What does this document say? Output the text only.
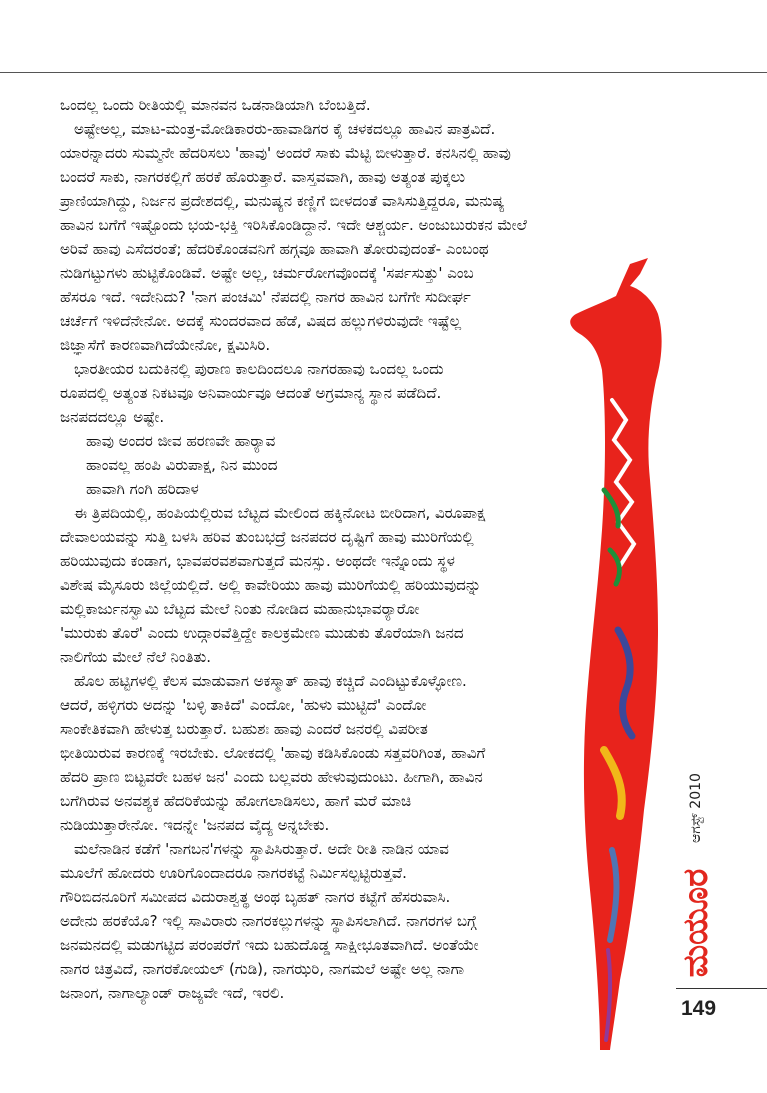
ಒಂದಲ್ಲ ಒಂದು ರೀತಿಯಲ್ಲಿ ಮಾನವನ ಒಡನಾಡಿಯಾಗಿ ಬೆಂಬತ್ತಿದೆ.

ಅಷ್ಟೇಅಲ್ಲ, ಮಾಟ-ಮಂತ್ರ-ಮೋಡಿಕಾರರು-ಹಾವಾಡಿಗರ ಕೈ ಚಳಕದಲ್ಲೂ ಹಾವಿನ ಪಾತ್ರವಿದೆ.

ಯಾರನ್ನಾದರು ಸುಮ್ಮನೇ ಹೆದರಿಸಲು 'ಹಾವು' ಅಂದರೆ ಸಾಕು ಮೆಟ್ಟಿ ಬೀಳುತ್ತಾರೆ. ಕನಸಿನಲ್ಲಿ ಹಾವು

ಬಂದರೆ ಸಾಕು, ನಾಗರಕಲ್ಲಿಗೆ ಹರಕೆ ಹೊರುತ್ತಾರೆ. ವಾಸ್ತವವಾಗಿ, ಹಾವು ಅತ್ಯಂತ ಪುಕ್ಕಲು

ಪ್ರಾಣಿಯಾಗಿದ್ದು, ನಿರ್ಜನ ಪ್ರದೇಶದಲ್ಲಿ, ಮನುಷ್ಯನ ಕಣ್ಣಿಗೆ ಬೀಳದಂತೆ ವಾಸಿಸುತ್ತಿದ್ದರೂ, ಮನುಷ್ಯ

ಹಾವಿನ ಬಗೆಗೆ ಇಷ್ಟೊಂದು ಭಯ-ಭಕ್ತಿ ಇರಿಸಿಕೊಂಡಿದ್ದಾನೆ. ಇದೇ ಆಶ್ಚರ್ಯ. ಅಂಜುಬುರುಕನ ಮೇಲೆ

ಅರಿವೆ ಹಾವು ಎಸೆದರಂತೆ; ಹೆದರಿಕೊಂಡವನಿಗೆ ಹಗ್ಗವೂ ಹಾವಾಗಿ ತೋರುವುದಂತೆ- ಎಂಬಂಥ

ನುಡಿಗಟ್ಟುಗಳು ಹುಟ್ಟಿಕೊಂಡಿವೆ. ಅಷ್ಟೇ ಅಲ್ಲ, ಚರ್ಮರೋಗವೊಂದಕ್ಕೆ 'ಸರ್ಪಸುತ್ತು' ಎಂಬ

ಹೆಸರೂ ಇದೆ. ಇದೇನಿದು? 'ನಾಗ ಪಂಚಮಿ' ನೆಪದಲ್ಲಿ ನಾಗರ ಹಾವಿನ ಬಗೆಗೇ ಸುದೀರ್ಘ

ಚರ್ಚೆಗೆ ಇಳಿದೆನೇನೋ. ಅದಕ್ಕೆ ಸುಂದರವಾದ ಹೆಡೆ, ವಿಷದ ಹಲ್ಲುಗಳಿರುವುದೇ ಇಷ್ಟೆಲ್ಲ

ಜಿಜ್ಞಾಸೆಗೆ ಕಾರಣವಾಗಿದೆಯೇನೋ, ಕ್ಷಮಿಸಿರಿ.

ಭಾರತೀಯರ ಬದುಕಿನಲ್ಲಿ ಪುರಾಣ ಕಾಲದಿಂದಲೂ ನಾಗರಹಾವು ಒಂದಲ್ಲ ಒಂದು

ರೂಪದಲ್ಲಿ ಅತ್ಯಂತ ನಿಕಟವೂ ಅನಿವಾರ್ಯವೂ ಆದಂತೆ ಅಗ್ರಮಾನ್ಯ ಸ್ಥಾನ ಪಡೆದಿದೆ.

ಜನಪದದಲ್ಲೂ ಅಷ್ಟೇ.

ಹಾವು ಅಂದರ ಜೀವ ಹರಣವೇ ಹಾರ್‍ಯಾವ

ಹಾಂವಲ್ಲ ಹಂಪಿ ವಿರುಪಾಕ್ಷ, ನಿನ ಮುಂದ

ಹಾವಾಗಿ ಗಂಗಿ ಹರಿದಾಳ

ಈ ತ್ರಿಪದಿಯಲ್ಲಿ, ಹಂಪಿಯಲ್ಲಿರುವ ಬೆಟ್ಟದ ಮೇಲಿಂದ ಹಕ್ಕಿನೋಟ ಬೀರಿದಾಗ, ವಿರೂಪಾಕ್ಷ

ದೇವಾಲಯವನ್ನು ಸುತ್ತಿ ಬಳಸಿ ಹರಿವ ತುಂಬಭದ್ರೆ ಜನಪದರ ದೃಷ್ಟಿಗೆ ಹಾವು ಮುರಿಗೆಯಲ್ಲಿ

ಹರಿಯುವುದು ಕಂಡಾಗ, ಭಾವಪರವಶವಾಗುತ್ತದೆ ಮನಸ್ಸು. ಅಂಥದೇ ಇನ್ನೊಂದು ಸ್ಥಳ

ವಿಶೇಷ ಮೈಸೂರು ಜಿಲ್ಲೆಯಲ್ಲಿದೆ. ಅಲ್ಲಿ ಕಾವೇರಿಯು ಹಾವು ಮುರಿಗೆಯಲ್ಲಿ ಹರಿಯುವುದನ್ನು

ಮಲ್ಲಿಕಾರ್ಜುನಸ್ವಾಮಿ ಬೆಟ್ಟದ ಮೇಲೆ ನಿಂತು ನೋಡಿದ ಮಹಾನುಭಾವರ್‍ಯಾರೋ

'ಮುರುಕು ತೊರೆ' ಎಂದು ಉದ್ಗಾರವೆತ್ತಿದ್ದೇ ಕಾಲಕ್ರಮೇಣ ಮುಡುಕು ತೊರೆಯಾಗಿ ಜನದ

ನಾಲಿಗೆಯ ಮೇಲೆ ನೆಲೆ ನಿಂತಿತು.

ಹೊಲ ಹಟ್ಟಿಗಳಲ್ಲಿ ಕೆಲಸ ಮಾಡುವಾಗ ಅಕಸ್ಮಾತ್ ಹಾವು ಕಚ್ಚಿದೆ ಎಂದಿಟ್ಟುಕೊಳ್ಳೋಣ.

ಆದರೆ, ಹಳ್ಳಿಗರು ಅದನ್ನು 'ಬಳ್ಳಿ ತಾಕಿದೆ' ಎಂದೋ, 'ಹುಳು ಮುಟ್ಟಿದೆ' ಎಂದೋ

ಸಾಂಕೇತಿಕವಾಗಿ ಹೇಳುತ್ತ ಬರುತ್ತಾರೆ. ಬಹುಶಃ ಹಾವು ಎಂದರೆ ಜನರಲ್ಲಿ ವಿಪರೀತ

ಭೀತಿಯಿರುವ ಕಾರಣಕ್ಕೆ ಇರಬೇಕು. ಲೋಕದಲ್ಲಿ 'ಹಾವು ಕಡಿಸಿಕೊಂಡು ಸತ್ತವರಿಗಿಂತ, ಹಾವಿಗೆ

ಹೆದರಿ ಪ್ರಾಣ ಬಿಟ್ಟವರೇ ಬಹಳ ಜನ' ಎಂದು ಬಲ್ಲವರು ಹೇಳುವುದುಂಟು. ಹೀಗಾಗಿ, ಹಾವಿನ

ಬಗೆಗಿರುವ ಅನವಶ್ಯಕ ಹೆದರಿಕೆಯನ್ನು ಹೋಗಲಾಡಿಸಲು, ಹಾಗೆ ಮರೆ ಮಾಚಿ

ನುಡಿಯುತ್ತಾರೇನೋ. ಇದನ್ನೇ 'ಜನಪದ ವೈದ್ಯ ಅನ್ನಬೇಕು.

ಮಲೆನಾಡಿನ ಕಡೆಗೆ 'ನಾಗಬನ'ಗಳನ್ನು ಸ್ಥಾಪಿಸಿರುತ್ತಾರೆ. ಅದೇ ರೀತಿ ನಾಡಿನ ಯಾವ

ಮೂಲೆಗೆ ಹೋದರು ಊರಿಗೊಂದಾದರೂ ನಾಗರಕಟ್ಟೆ ನಿರ್ಮಿಸಲ್ಪಟ್ಟಿರುತ್ತವೆ.

ಗೌರಿಬಿದನೂರಿಗೆ ಸಮೀಪದ ವಿದುರಾಶ್ವತ್ಥ ಅಂಥ ಬೃಹತ್ ನಾಗರ ಕಟ್ಟೆಗೆ ಹೆಸರುವಾಸಿ.

ಅದೇನು ಹರಕೆಯೊ? ಇಲ್ಲಿ ಸಾವಿರಾರು ನಾಗರಕಲ್ಲುಗಳನ್ನು ಸ್ಥಾಪಿಸಲಾಗಿದೆ. ನಾಗರಗಳ ಬಗ್ಗೆ

ಜನಮನದಲ್ಲಿ ಮಡುಗಟ್ಟಿದ ಪರಂಪರೆಗೆ ಇದು ಬಹುದೊಡ್ಡ ಸಾಕ್ಷೀಭೂತವಾಗಿದೆ. ಅಂತೆಯೇ

ನಾಗರ ಚಿತ್ರವಿದೆ, ನಾಗರಕೋಯಲ್ (ಗುಡಿ), ನಾಗಝರಿ, ನಾಗಮಲೆ ಅಷ್ಟೇ ಅಲ್ಲ ನಾಗಾ

ಜನಾಂಗ, ನಾಗಾಲ್ಯಾಂಡ್ ರಾಜ್ಯವೇ ಇದೆ, ಇರಲಿ.

ಆಗಸ್ಟ್ 2010
ಮಯೂರ
149
